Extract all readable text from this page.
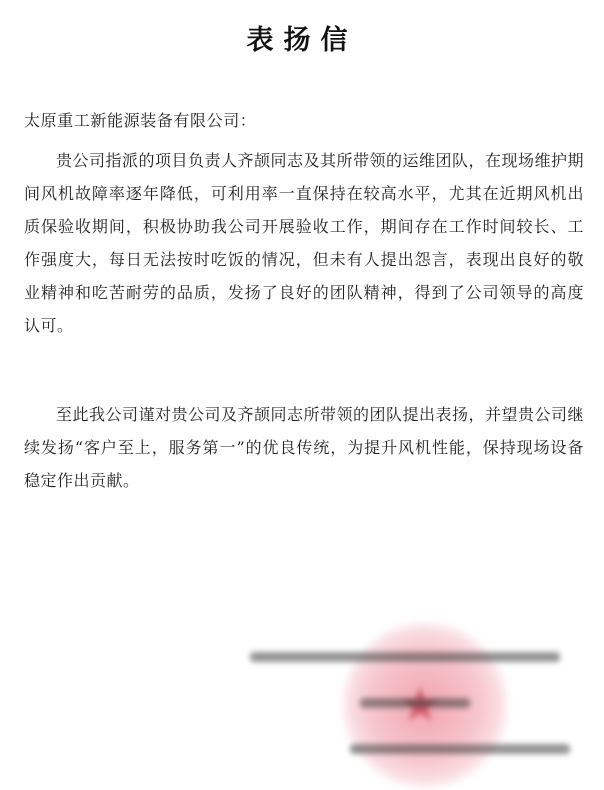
表扬信
太原重工新能源装备有限公司：

贵公司指派的项目负责人齐颉同志及其所带领的运维团队，在现场维护期间风机故障率逐年降低，可利用率一直保持在较高水平，尤其在近期风机出质保验收期间，积极协助我公司开展验收工作，期间存在工作时间较长、工作强度大，每日无法按时吃饭的情况，但未有人提出怨言，表现出良好的敬业精神和吃苦耐劳的品质，发扬了良好的团队精神，得到了公司领导的高度认可。

至此我公司谨对贵公司及齐颉同志所带领的团队提出表扬，并望贵公司继续发扬“客户至上，服务第一”的优良传统，为提升风机性能，保持现场设备稳定作出贡献。
